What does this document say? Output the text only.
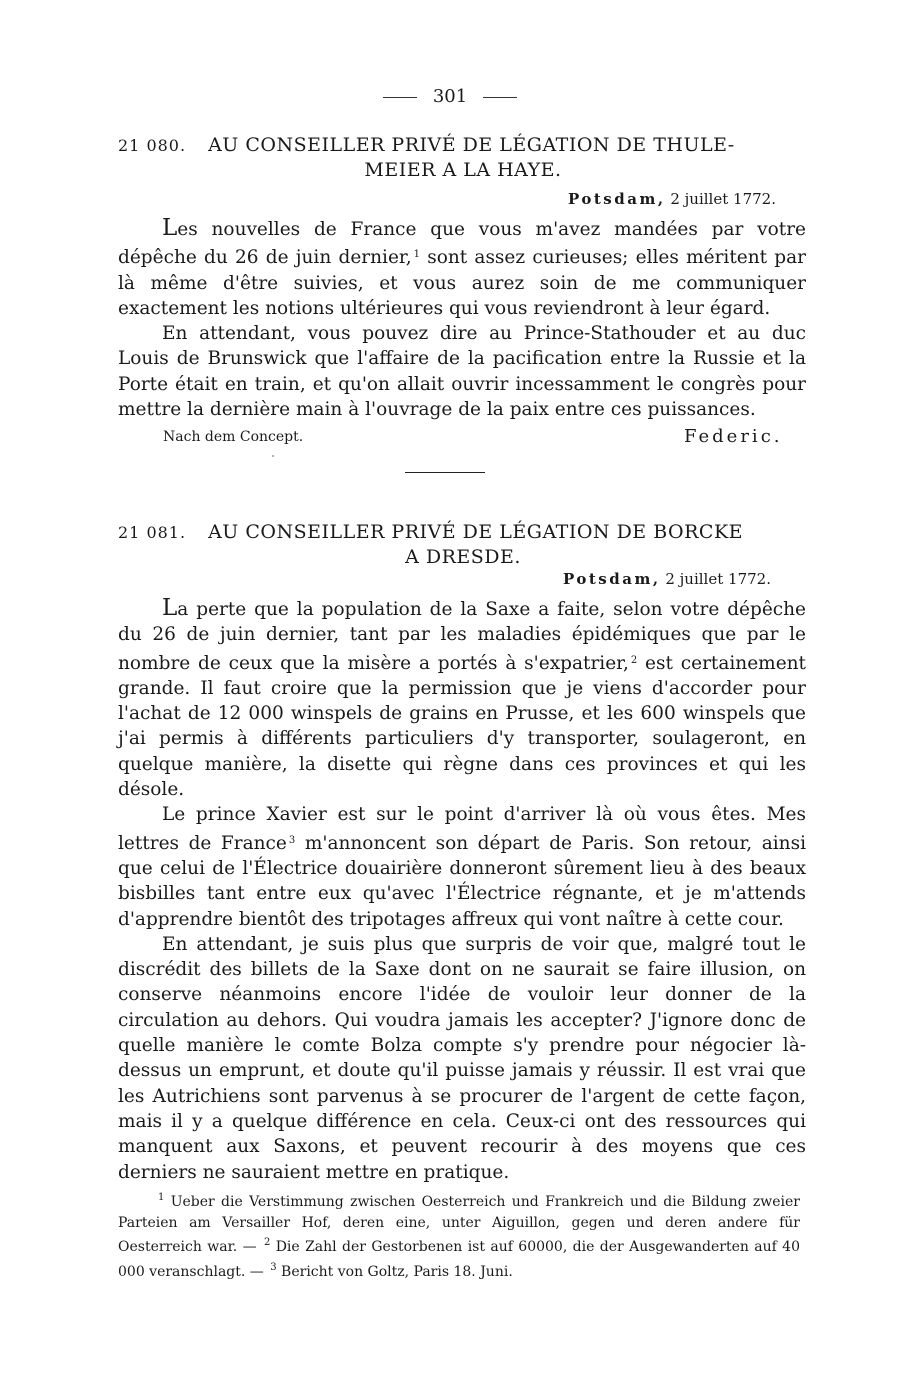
301
21 080. AU CONSEILLER PRIVÉ DE LÉGATION DE THULE-
MEIER A LA HAYE.
Potsdam, 2 juillet 1772.

Les nouvelles de France que vous m'avez mandées par votre dépêche du 26 de juin dernier, $^1$ sont assez curieuses; elles méritent par là même d'être suivies, et vous aurez soin de me communiquer exactement les notions ultérieures qui vous reviendront à leur égard.

En attendant, vous pouvez dire au Prince-Stathouder et au duc Louis de Brunswick que l'affaire de la pacification entre la Russie et la Porte était en train, et qu'on allait ouvrir incessamment le congrès pour mettre la dernière main à l'ouvrage de la paix entre ces puissances.

Nach dem Concept.	Federic.
21 081. AU CONSEILLER PRIVÉ DE LÉGATION DE BORCKE
A DRESDE.
Potsdam, 2 juillet 1772.

La perte que la population de la Saxe a faite, selon votre dépêche du 26 de juin dernier, tant par les maladies épidémiques que par le nombre de ceux que la misère a portés à s'expatrier, $^2$ est certainement grande. Il faut croire que la permission que je viens d'accorder pour l'achat de 12 000 winspels de grains en Prusse, et les 600 winspels que j'ai permis à différents particuliers d'y transporter, soulageront, en quelque manière, la disette qui règne dans ces provinces et qui les désole.

Le prince Xavier est sur le point d'arriver là où vous êtes. Mes lettres de France $^3$ m'annoncent son départ de Paris. Son retour, ainsi que celui de l'Électrice douairière donneront sûrement lieu à des beaux bisbilles tant entre eux qu'avec l'Électrice régnante, et je m'attends d'apprendre bientôt des tripotages affreux qui vont naître à cette cour.

En attendant, je suis plus que surpris de voir que, malgré tout le discrédit des billets de la Saxe dont on ne saurait se faire illusion, on conserve néanmoins encore l'idée de vouloir leur donner de la circulation au dehors. Qui voudra jamais les accepter? J'ignore donc de quelle manière le comte Bolza compte s'y prendre pour négocier là-dessus un emprunt, et doute qu'il puisse jamais y réussir. Il est vrai que les Autrichiens sont parvenus à se procurer de l'argent de cette façon, mais il y a quelque différence en cela. Ceux-ci ont des ressources qui manquent aux Saxons, et peuvent recourir à des moyens que ces derniers ne sauraient mettre en pratique.

$^1$ Ueber die Verstimmung zwischen Oesterreich und Frankreich und die Bildung zweier Parteien am Versailler Hof, deren eine, unter Aiguillon, gegen und deren andere für Oesterreich war. — $^2$ Die Zahl der Gestorbenen ist auf 60000, die der Ausgewanderten auf 40 000 veranschlagt. — $^3$ Bericht von Goltz, Paris 18. Juni.
